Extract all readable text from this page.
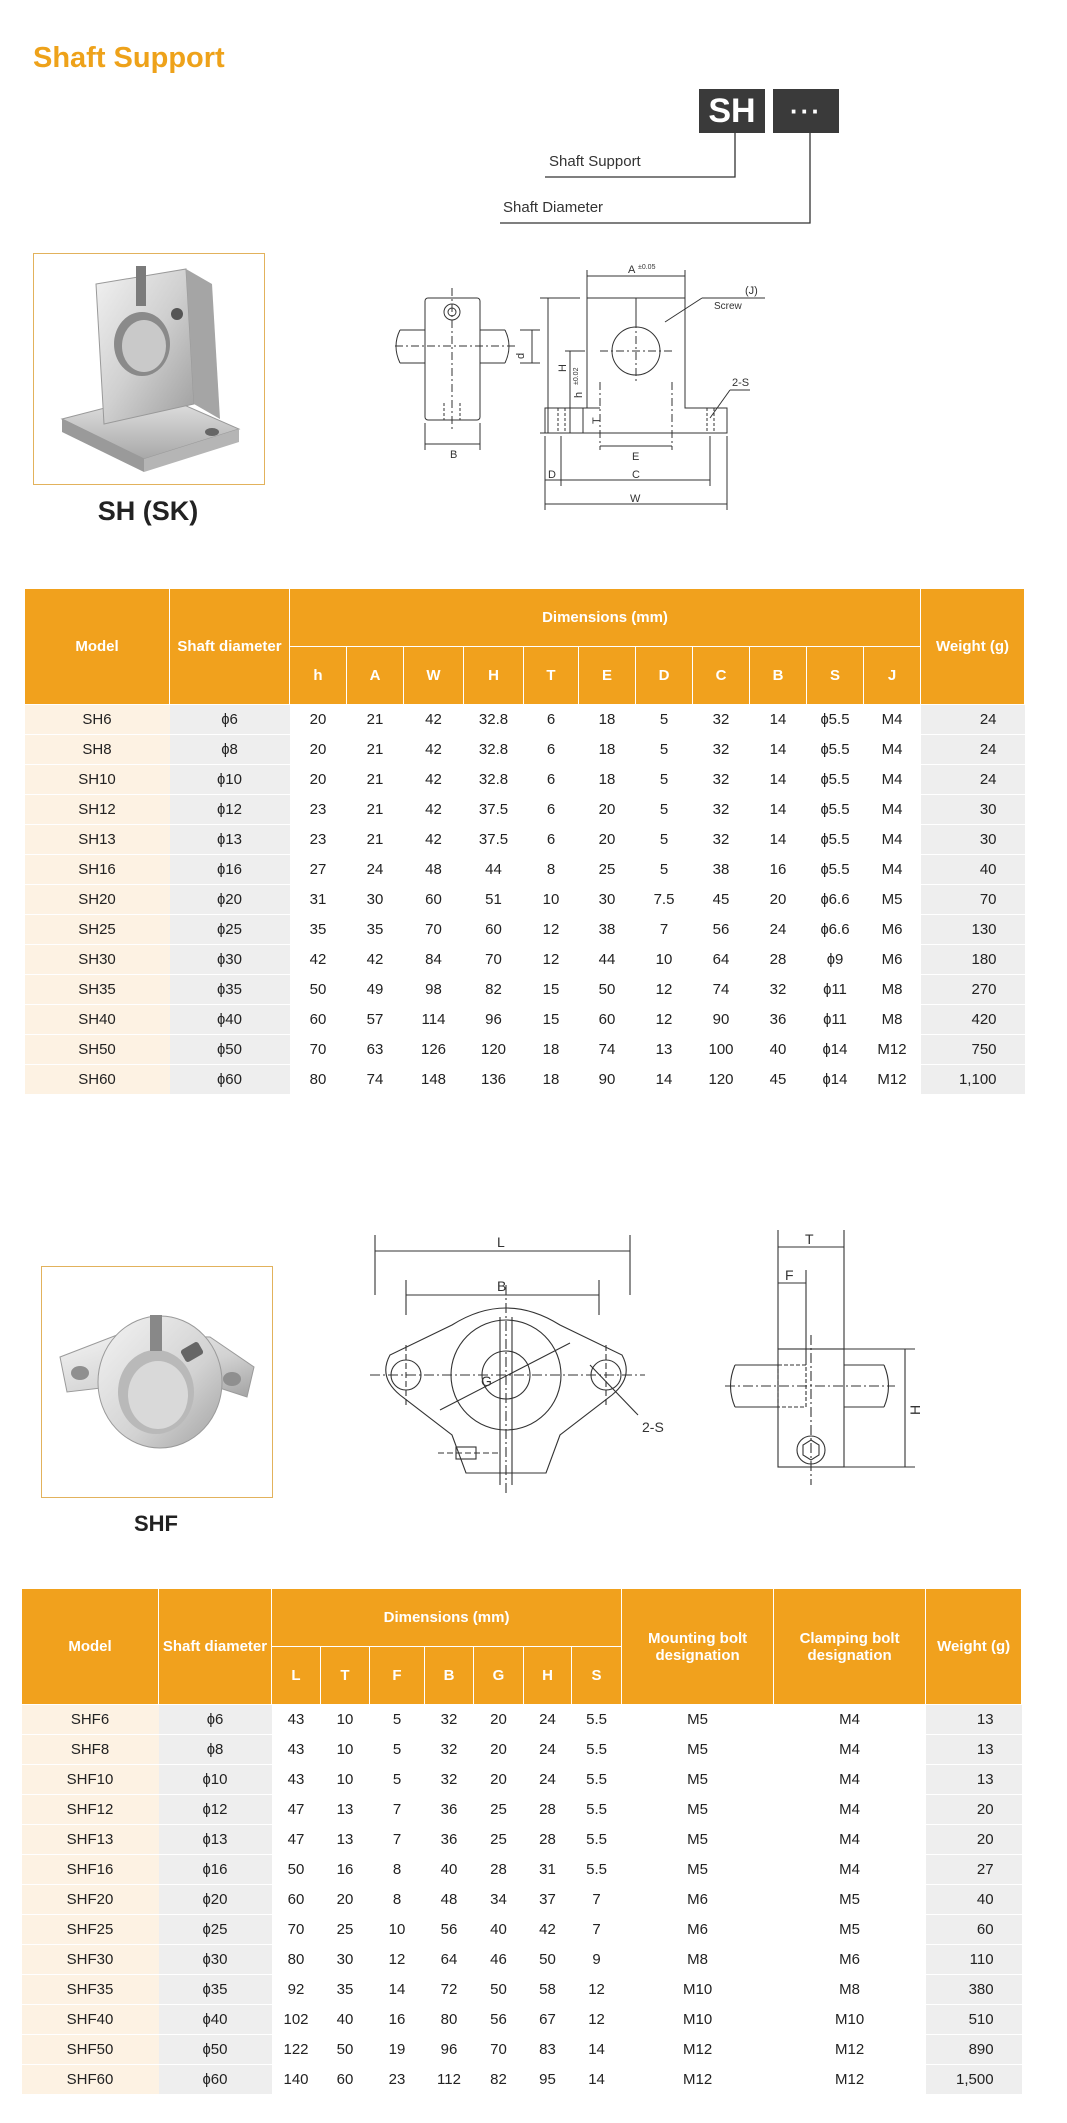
Shaft Support
SH	···
Shaft Support
Shaft Diameter
SH (SK)
d
B
A ±0.05
(J)
Screw
H
h
±0.02
T
2-S
E
D	C
W
Model	Shaft diameter	Dimensions (mm)											Weight (g)
		h	A	W	H	T	E	D	C	B	S	J	
SH6	ɸ6	20	21	42	32.8	6	18	5	32	14	ɸ5.5	M4	24
SH8	ɸ8	20	21	42	32.8	6	18	5	32	14	ɸ5.5	M4	24
SH10	ɸ10	20	21	42	32.8	6	18	5	32	14	ɸ5.5	M4	24
SH12	ɸ12	23	21	42	37.5	6	20	5	32	14	ɸ5.5	M4	30
SH13	ɸ13	23	21	42	37.5	6	20	5	32	14	ɸ5.5	M4	30
SH16	ɸ16	27	24	48	44	8	25	5	38	16	ɸ5.5	M4	40
SH20	ɸ20	31	30	60	51	10	30	7.5	45	20	ɸ6.6	M5	70
SH25	ɸ25	35	35	70	60	12	38	7	56	24	ɸ6.6	M6	130
SH30	ɸ30	42	42	84	70	12	44	10	64	28	ɸ9	M6	180
SH35	ɸ35	50	49	98	82	15	50	12	74	32	ɸ11	M8	270
SH40	ɸ40	60	57	114	96	15	60	12	90	36	ɸ11	M8	420
SH50	ɸ50	70	63	126	120	18	74	13	100	40	ɸ14	M12	750
SH60	ɸ60	80	74	148	136	18	90	14	120	45	ɸ14	M12	1,100
SHF
L
B
G
2-S
T
F
H
Model	Shaft diameter	Dimensions (mm)							Mounting bolt designation	Clamping bolt designation	Weight (g)
		L	T	F	B	G	H	S			
SHF6	ɸ6	43	10	5	32	20	24	5.5	M5	M4	13
SHF8	ɸ8	43	10	5	32	20	24	5.5	M5	M4	13
SHF10	ɸ10	43	10	5	32	20	24	5.5	M5	M4	13
SHF12	ɸ12	47	13	7	36	25	28	5.5	M5	M4	20
SHF13	ɸ13	47	13	7	36	25	28	5.5	M5	M4	20
SHF16	ɸ16	50	16	8	40	28	31	5.5	M5	M4	27
SHF20	ɸ20	60	20	8	48	34	37	7	M6	M5	40
SHF25	ɸ25	70	25	10	56	40	42	7	M6	M5	60
SHF30	ɸ30	80	30	12	64	46	50	9	M8	M6	110
SHF35	ɸ35	92	35	14	72	50	58	12	M10	M8	380
SHF40	ɸ40	102	40	16	80	56	67	12	M10	M10	510
SHF50	ɸ50	122	50	19	96	70	83	14	M12	M12	890
SHF60	ɸ60	140	60	23	112	82	95	14	M12	M12	1,500
